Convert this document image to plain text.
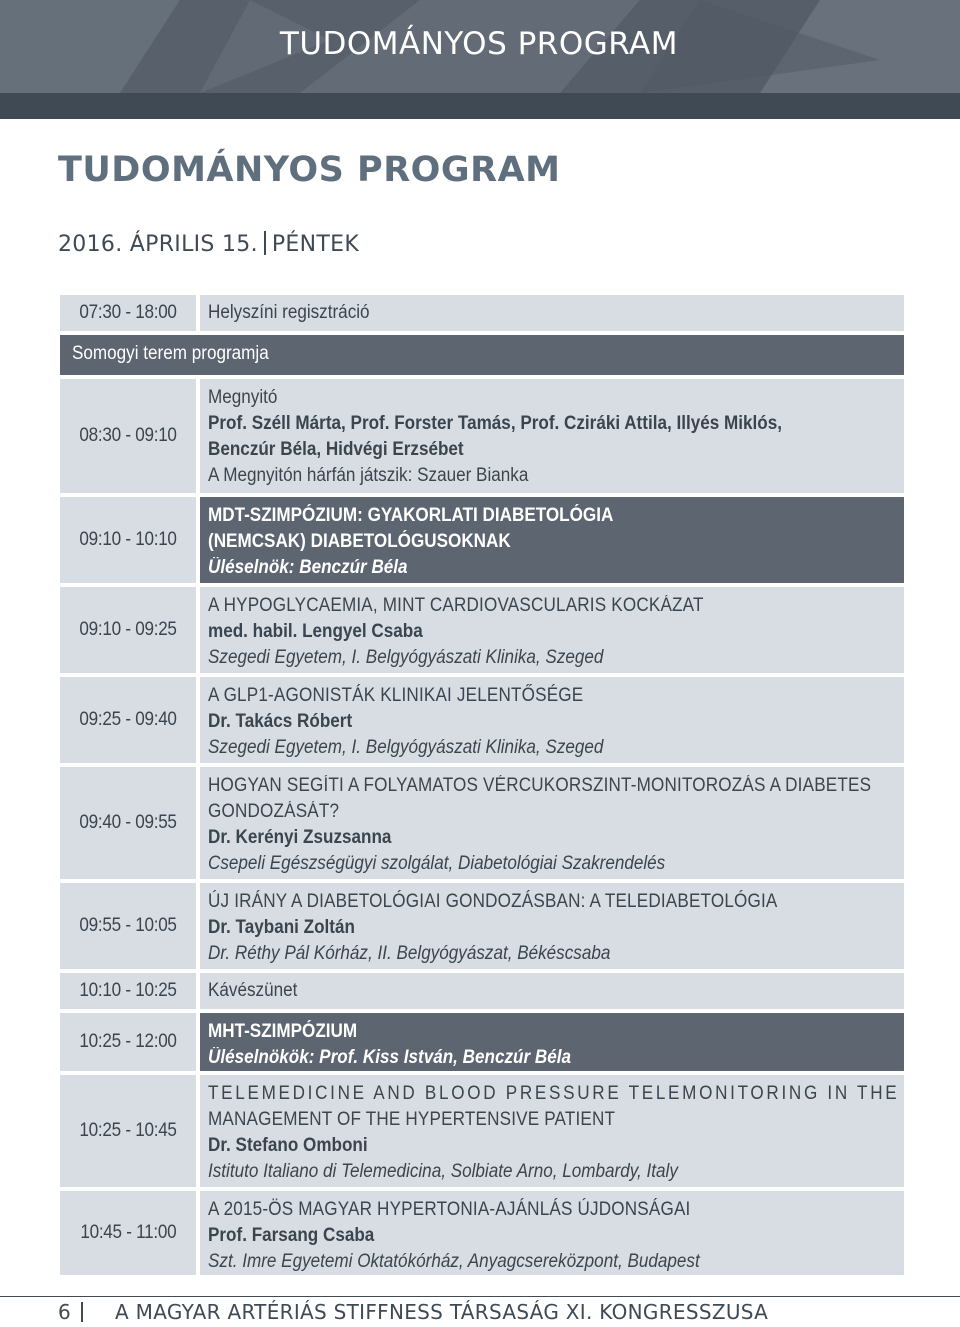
TUDOMÁNYOS PROGRAM
TUDOMÁNYOS PROGRAM
2016. ÁPRILIS 15. PÉNTEK
07:30 - 18:00 Helyszíni regisztráció
Somogyi terem programja
08:30 - 09:10
Megnyitó
Prof. Széll Márta, Prof. Forster Tamás, Prof. Cziráki Attila, Illyés Miklós,
Benczúr Béla, Hidvégi Erzsébet
A Megnyitón hárfán játszik: Szauer Bianka
09:10 - 10:10
MDT-SZIMPÓZIUM: GYAKORLATI DIABETOLÓGIA
(NEMCSAK) DIABETOLÓGUSOKNAK
Üléselnök: Benczúr Béla
09:10 - 09:25
A HYPOGLYCAEMIA, MINT CARDIOVASCULARIS KOCKÁZAT
med. habil. Lengyel Csaba
Szegedi Egyetem, I. Belgyógyászati Klinika, Szeged
09:25 - 09:40
A GLP1-AGONISTÁK KLINIKAI JELENTŐSÉGE
Dr. Takács Róbert
Szegedi Egyetem, I. Belgyógyászati Klinika, Szeged
09:40 - 09:55
HOGYAN SEGÍTI A FOLYAMATOS VÉRCUKORSZINT-MONITOROZÁS A DIABETES
GONDOZÁSÁT?
Dr. Kerényi Zsuzsanna
Csepeli Egészségügyi szolgálat, Diabetológiai Szakrendelés
09:55 - 10:05
ÚJ IRÁNY A DIABETOLÓGIAI GONDOZÁSBAN: A TELEDIABETOLÓGIA
Dr. Taybani Zoltán
Dr. Réthy Pál Kórház, II. Belgyógyászat, Békéscsaba
10:10 - 10:25 Kávészünet
10:25 - 12:00 MHT-SZIMPÓZIUM
Üléselnökök: Prof. Kiss István, Benczúr Béla
10:25 - 10:45
TELEMEDICINE AND BLOOD PRESSURE TELEMONITORING IN THE
MANAGEMENT OF THE HYPERTENSIVE PATIENT
Dr. Stefano Omboni
Istituto Italiano di Telemedicina, Solbiate Arno, Lombardy, Italy
10:45 - 11:00
A 2015-ÖS MAGYAR HYPERTONIA-AJÁNLÁS ÚJDONSÁGAI
Prof. Farsang Csaba
Szt. Imre Egyetemi Oktatókórház, Anyagcsereközpont, Budapest
6 A MAGYAR ARTÉRIÁS STIFFNESS TÁRSASÁG XI. KONGRESSZUSA
